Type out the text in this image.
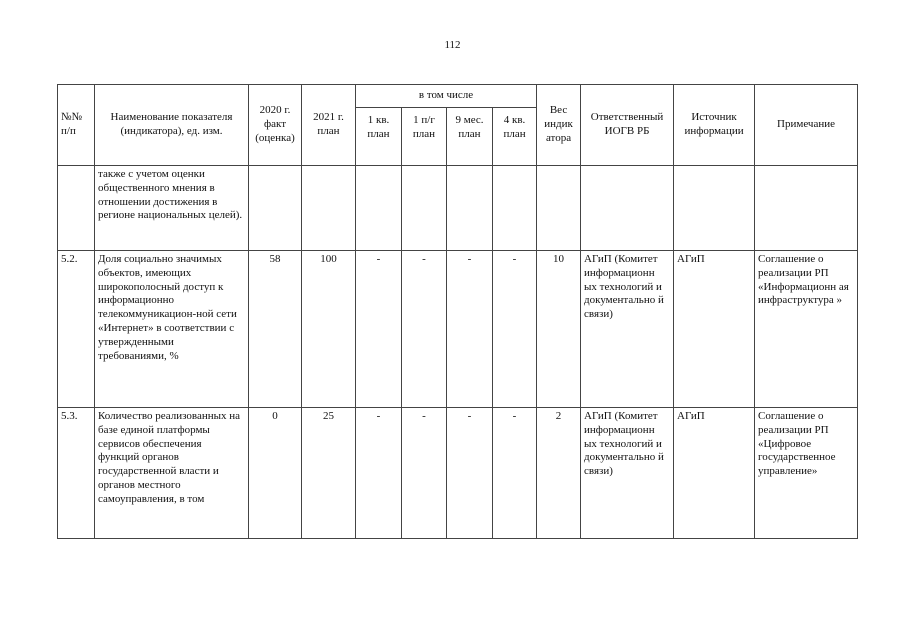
112
№№ п/п	Наименование показателя (индикатора), ед. изм.	2020 г. факт (оценка)	2021 г. план	в том числе				Вес индик атора	Ответственный ИОГВ РБ	Источник информации	Примечание
				1 кв. план	1 п/г план	9 мес. план	4 кв. план				
	также с учетом оценки общественного мнения в отношении достижения в регионе национальных целей).										
5.2.	Доля социально значимых объектов, имеющих широкополосный доступ к информационно телекоммуникацион-ной сети «Интернет» в соответствии с утвержденными требованиями, %	58	100	-	-	-	-	10	АГиП (Комитет информационн ых технологий и документально й связи)	АГиП	Соглашение о реализации РП «Информационн ая инфраструктура »
5.3.	Количество реализованных на базе единой платформы сервисов обеспечения функций органов государственной власти и органов местного самоуправления, в том	0	25	-	-	-	-	2	АГиП (Комитет информационн ых технологий и документально й связи)	АГиП	Соглашение о реализации РП «Цифровое государственное управление»
